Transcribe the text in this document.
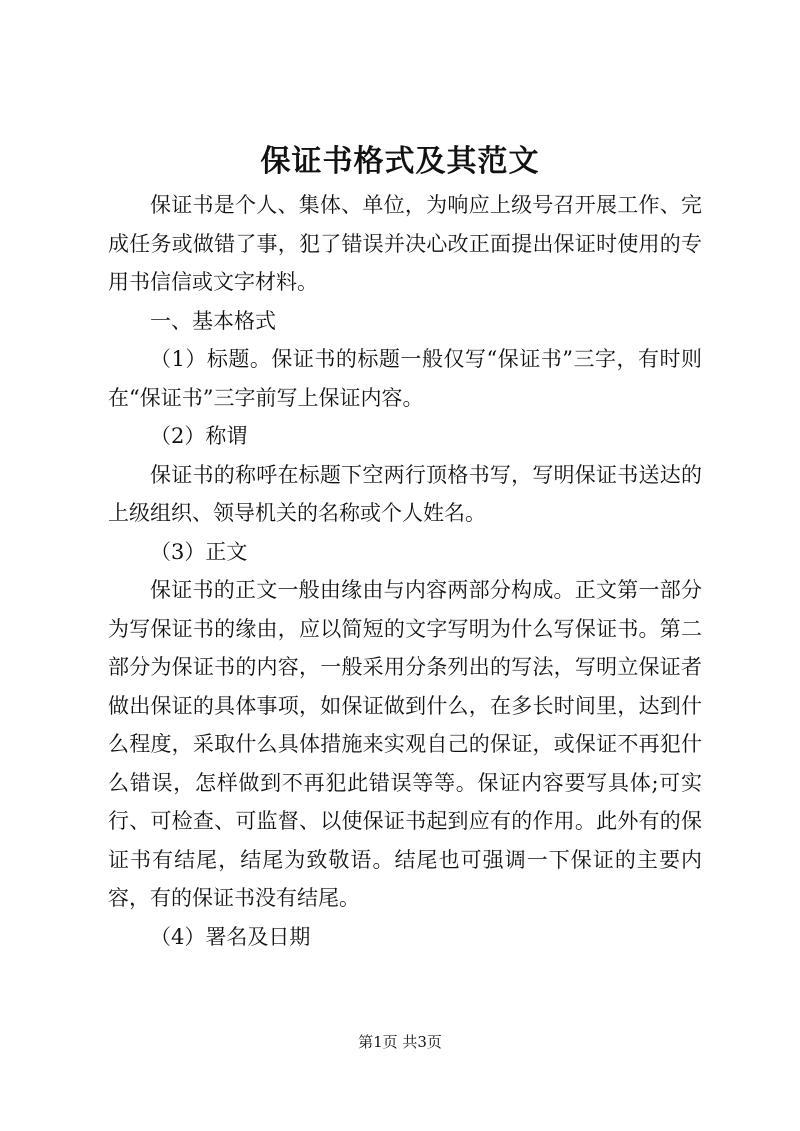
保证书格式及其范文

保证书是个人、集体、单位，为响应上级号召开展工作、完成任务或做错了事，犯了错误并决心改正面提出保证时使用的专用书信信或文字材料。

一、基本格式

（1）标题。保证书的标题一般仅写“保证书”三字，有时则在“保证书”三字前写上保证内容。

（2）称谓

保证书的称呼在标题下空两行顶格书写，写明保证书送达的上级组织、领导机关的名称或个人姓名。

（3）正文

保证书的正文一般由缘由与内容两部分构成。正文第一部分为写保证书的缘由，应以简短的文字写明为什么写保证书。第二部分为保证书的内容，一般采用分条列出的写法，写明立保证者做出保证的具体事项，如保证做到什么，在多长时间里，达到什么程度，采取什么具体措施来实观自己的保证，或保证不再犯什么错误，怎样做到不再犯此错误等等。保证内容要写具体;可实行、可检查、可监督、以使保证书起到应有的作用。此外有的保证书有结尾，结尾为致敬语。结尾也可强调一下保证的主要内容，有的保证书没有结尾。

（4）署名及日期

第1页 共3页
